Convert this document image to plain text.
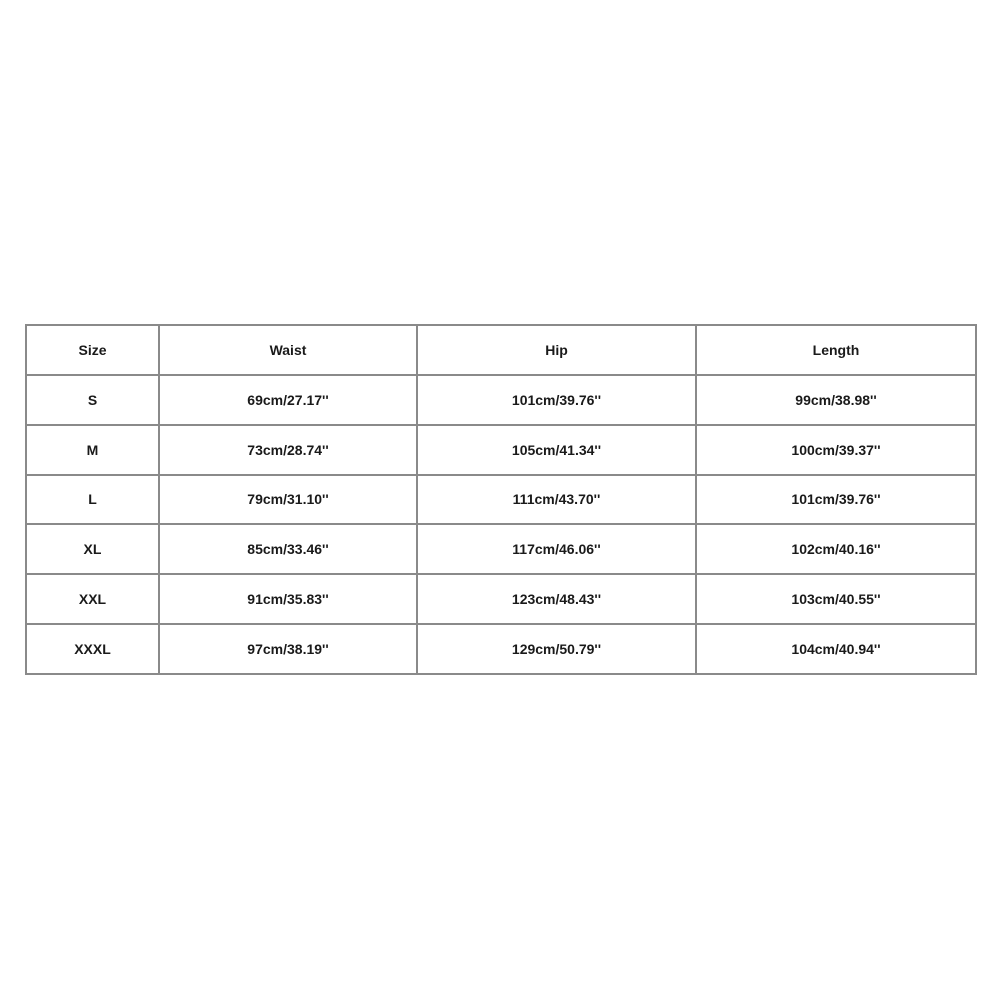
Size	Waist	Hip	Length
S	69cm/27.17''	101cm/39.76''	99cm/38.98''
M	73cm/28.74''	105cm/41.34''	100cm/39.37''
L	79cm/31.10''	111cm/43.70''	101cm/39.76''
XL	85cm/33.46''	117cm/46.06''	102cm/40.16''
XXL	91cm/35.83''	123cm/48.43''	103cm/40.55''
XXXL	97cm/38.19''	129cm/50.79''	104cm/40.94''
